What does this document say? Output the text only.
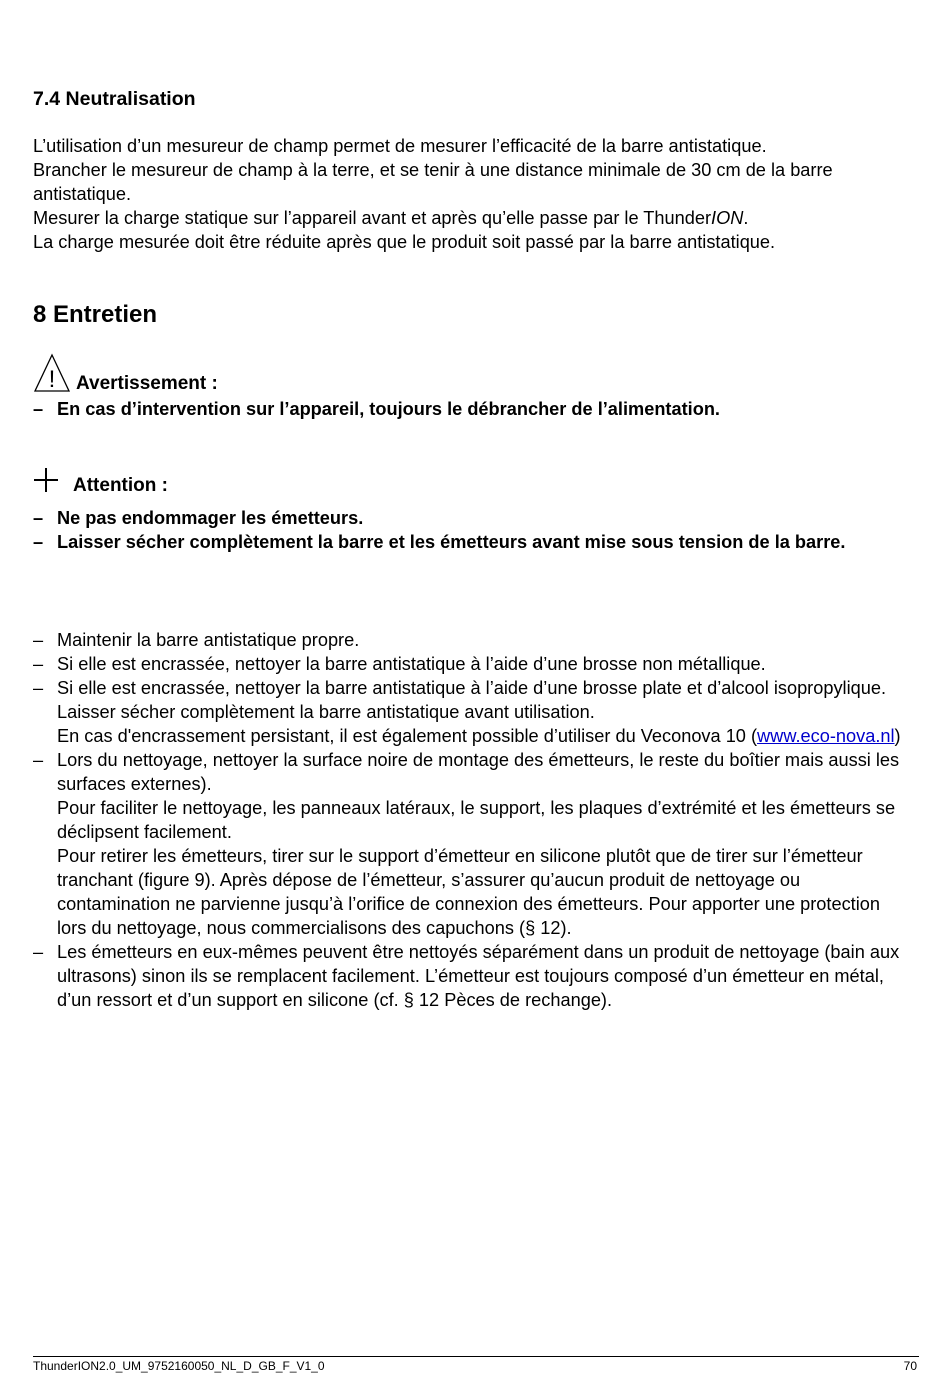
7.4 Neutralisation

L’utilisation d’un mesureur de champ permet de mesurer l’efficacité de la barre antistatique.

Brancher le mesureur de champ à la terre, et se tenir à une distance minimale de 30 cm de la barre antistatique.

Mesurer la charge statique sur l’appareil avant et après qu’elle passe par le ThunderION.

La charge mesurée doit être réduite après que le produit soit passé par la barre antistatique.

8 Entretien
! Avertissement :
– En cas d’intervention sur l’appareil, toujours le débrancher de l’alimentation.
Attention :
– Ne pas endommager les émetteurs.
– Laisser sécher complètement la barre et les émetteurs avant mise sous tension de la barre.
– Maintenir la barre antistatique propre.
– Si elle est encrassée, nettoyer la barre antistatique à l’aide d’une brosse non métallique.
– Si elle est encrassée, nettoyer la barre antistatique à l’aide d’une brosse plate et d’alcool isopropylique.
Laisser sécher complètement la barre antistatique avant utilisation.
En cas d'encrassement persistant, il est également possible d’utiliser du Veconova 10 (www.eco-nova.nl)
– Lors du nettoyage, nettoyer la surface noire de montage des émetteurs, le reste du boîtier mais aussi les surfaces externes).
Pour faciliter le nettoyage, les panneaux latéraux, le support, les plaques d’extrémité et les émetteurs se déclipsent facilement.
Pour retirer les émetteurs, tirer sur le support d’émetteur en silicone plutôt que de tirer sur l’émetteur tranchant (figure 9). Après dépose de l’émetteur, s’assurer qu’aucun produit de nettoyage ou contamination ne parvienne jusqu’à l’orifice de connexion des émetteurs. Pour apporter une protection lors du nettoyage, nous commercialisons des capuchons (§ 12).
– Les émetteurs en eux-mêmes peuvent être nettoyés séparément dans un produit de nettoyage (bain aux ultrasons) sinon ils se remplacent facilement. L’émetteur est toujours composé d’un émetteur en métal, d’un ressort et d’un support en silicone (cf. § 12 Pèces de rechange).
ThunderION2.0_UM_9752160050_NL_D_GB_F_V1_0	70
